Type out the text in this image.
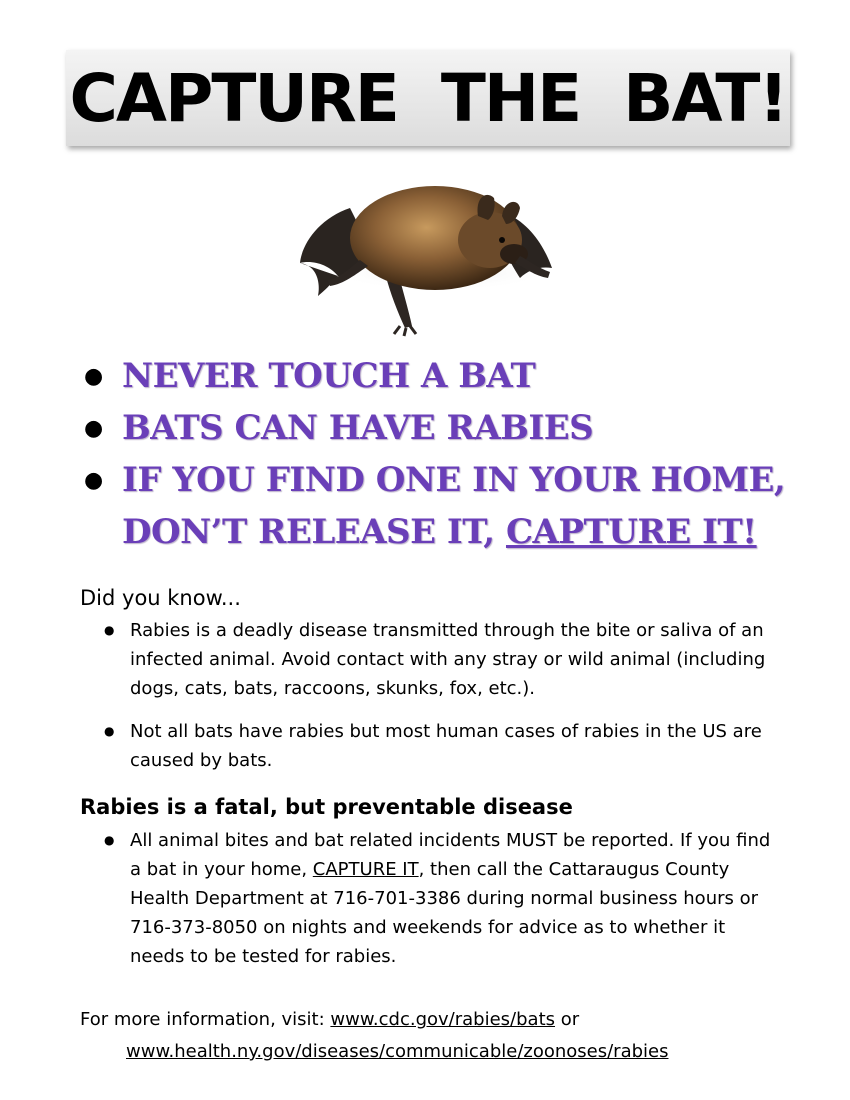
CAPTURE THE BAT!
● NEVER TOUCH A BAT
● BATS CAN HAVE RABIES
● IF YOU FIND ONE IN YOUR HOME, DON’T RELEASE IT, CAPTURE IT!
Did you know...
● Rabies is a deadly disease transmitted through the bite or saliva of an infected animal. Avoid contact with any stray or wild animal (including dogs, cats, bats, raccoons, skunks, fox, etc.).
● Not all bats have rabies but most human cases of rabies in the US are caused by bats.
Rabies is a fatal, but preventable disease
● All animal bites and bat related incidents MUST be reported. If you find a bat in your home, CAPTURE IT, then call the Cattaraugus County Health Department at 716-701-3386 during normal business hours or 716-373-8050 on nights and weekends for advice as to whether it needs to be tested for rabies.
For more information, visit: www.cdc.gov/rabies/bats or
www.health.ny.gov/diseases/communicable/zoonoses/rabies
